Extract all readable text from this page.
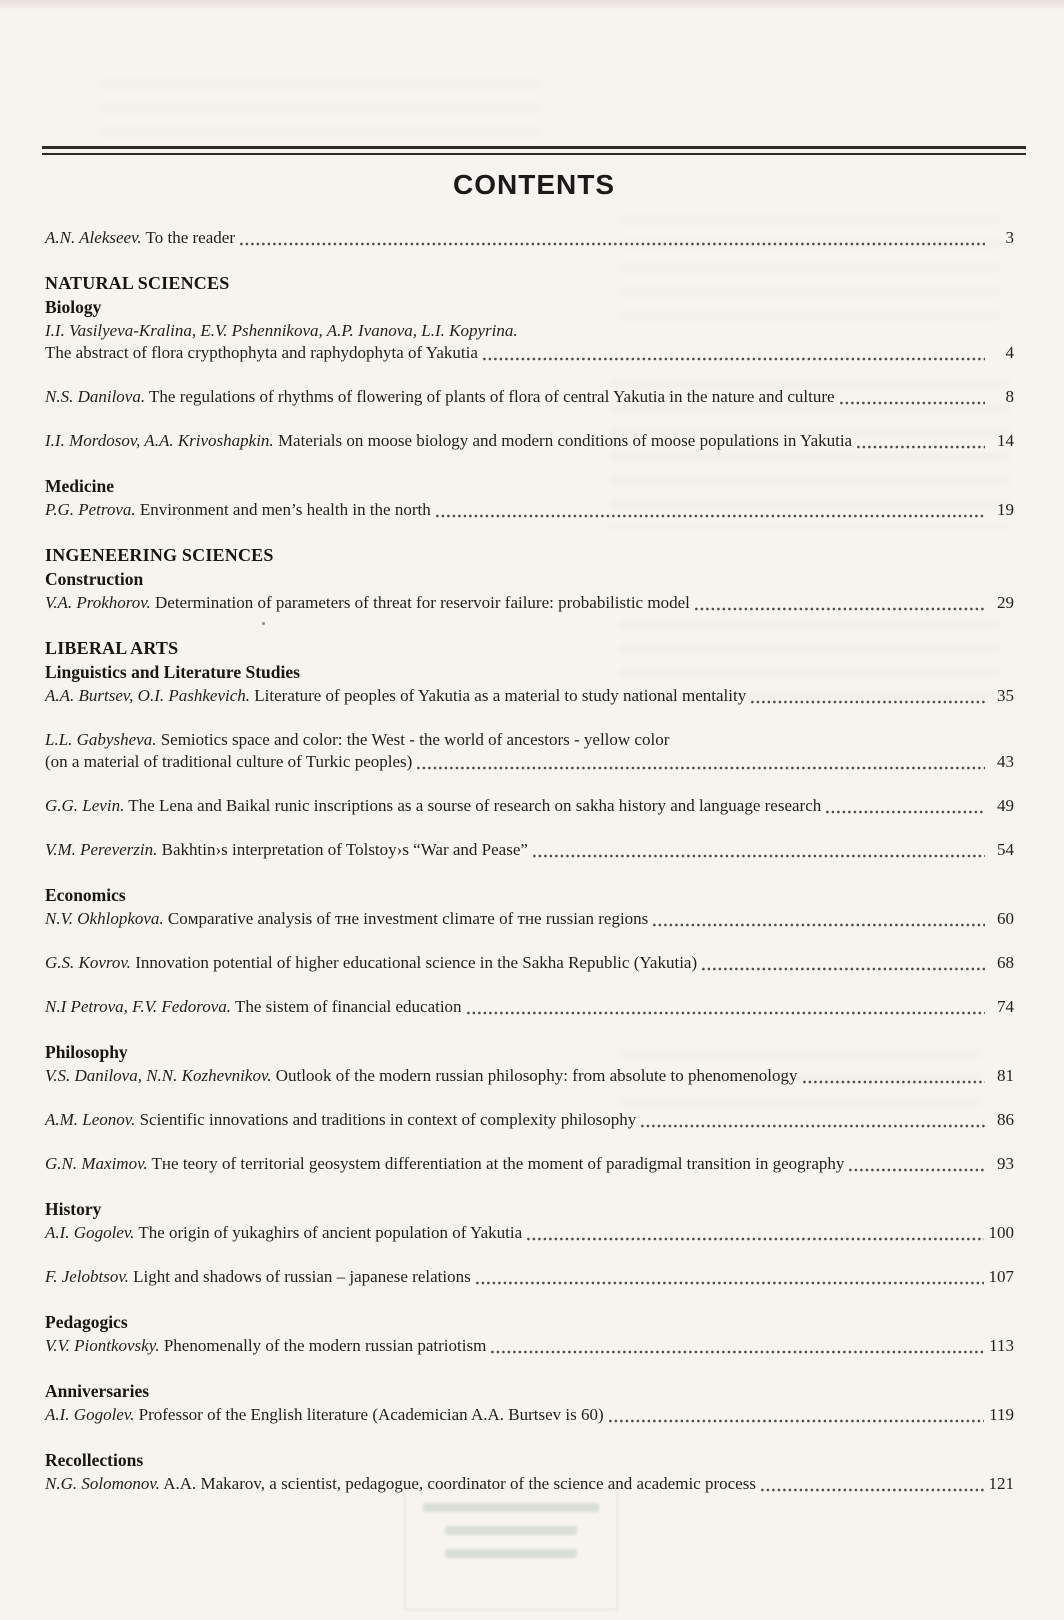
CONTENTS
A.N. Alekseev. To the reader	3
NATURAL SCIENCES
Biology
I.I. Vasilyeva-Kralina, E.V. Pshennikova, A.P. Ivanova, L.I. Kopyrina.
The abstract of flora crypthophyta and raphydophyta of Yakutia	4
N.S. Danilova. The regulations of rhythms of flowering of plants of flora of central Yakutia in the nature and culture	8
I.I. Mordosov, A.A. Krivoshapkin. Materials on moose biology and modern conditions of moose populations in Yakutia	14
Medicine
P.G. Petrova. Environment and men’s health in the north	19
INGENEERING SCIENCES
Construction
V.A. Prokhorov. Determination of parameters of threat for reservoir failure: probabilistic model	29
LIBERAL ARTS
Linguistics and Literature Studies
A.A. Burtsev, O.I. Pashkevich. Literature of peoples of Yakutia as a material to study national mentality	35
L.L. Gabysheva. Semiotics space and color: the West - the world of ancestors - yellow color
(on a material of traditional culture of Turkic peoples)	43
G.G. Levin. The Lena and Baikal runic inscriptions as a sourse of research on sakha history and language research	49
V.M. Pereverzin. Bakhtin›s interpretation of Tolstoy›s “War and Pease”	54
Economics
N.V. Okhlopkova. Coмparative analysis of тнe investment climaтe of тнe russian regions	60
G.S. Kovrov. Innovation potential of higher educational science in the Sakha Republic (Yakutia)	68
N.I Petrova, F.V. Fedorova. The sistem of financial education	74
Philosophy
V.S. Danilova, N.N. Kozhevnikov. Outlook of the modern russian philosophy: from absolute to phenomenology	81
A.M. Leonov. Scientific innovations and traditions in context of complexity philosophy	86
G.N. Maximov. Tнe teory of territorial geosystem differentiation at the moment of paradigmal transition in geography	93
History
A.I. Gogolev. The origin of yukaghirs of ancient population of Yakutia	100
F. Jelobtsov. Light and shadows of russian – japanese relations	107
Pedagogics
V.V. Piontkovsky. Phenomenally of the modern russian patriotism	113
Anniversaries
A.I. Gogolev. Professor of the English literature (Academician A.A. Burtsev is 60)	119
Recollections
N.G. Solomonov. A.A. Makarov, a scientist, pedagogue, coordinator of the science and academic process	121
